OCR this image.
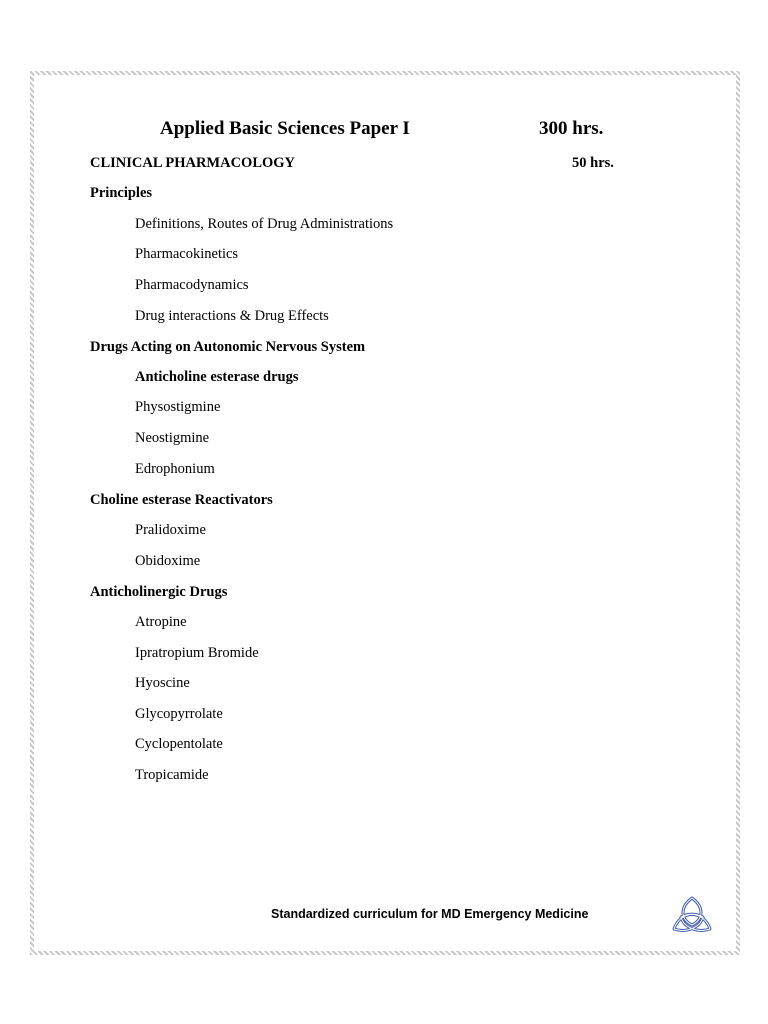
Applied Basic Sciences Paper I	300 hrs.
CLINICAL PHARMACOLOGY	50 hrs.
Principles
Definitions, Routes of Drug Administrations
Pharmacokinetics
Pharmacodynamics
Drug interactions & Drug Effects
Drugs Acting on Autonomic Nervous System
Anticholine esterase drugs
Physostigmine
Neostigmine
Edrophonium
Choline esterase Reactivators
Pralidoxime
Obidoxime
Anticholinergic Drugs
Atropine
Ipratropium Bromide
Hyoscine
Glycopyrrolate
Cyclopentolate
Tropicamide
Standardized curriculum for MD Emergency Medicine
